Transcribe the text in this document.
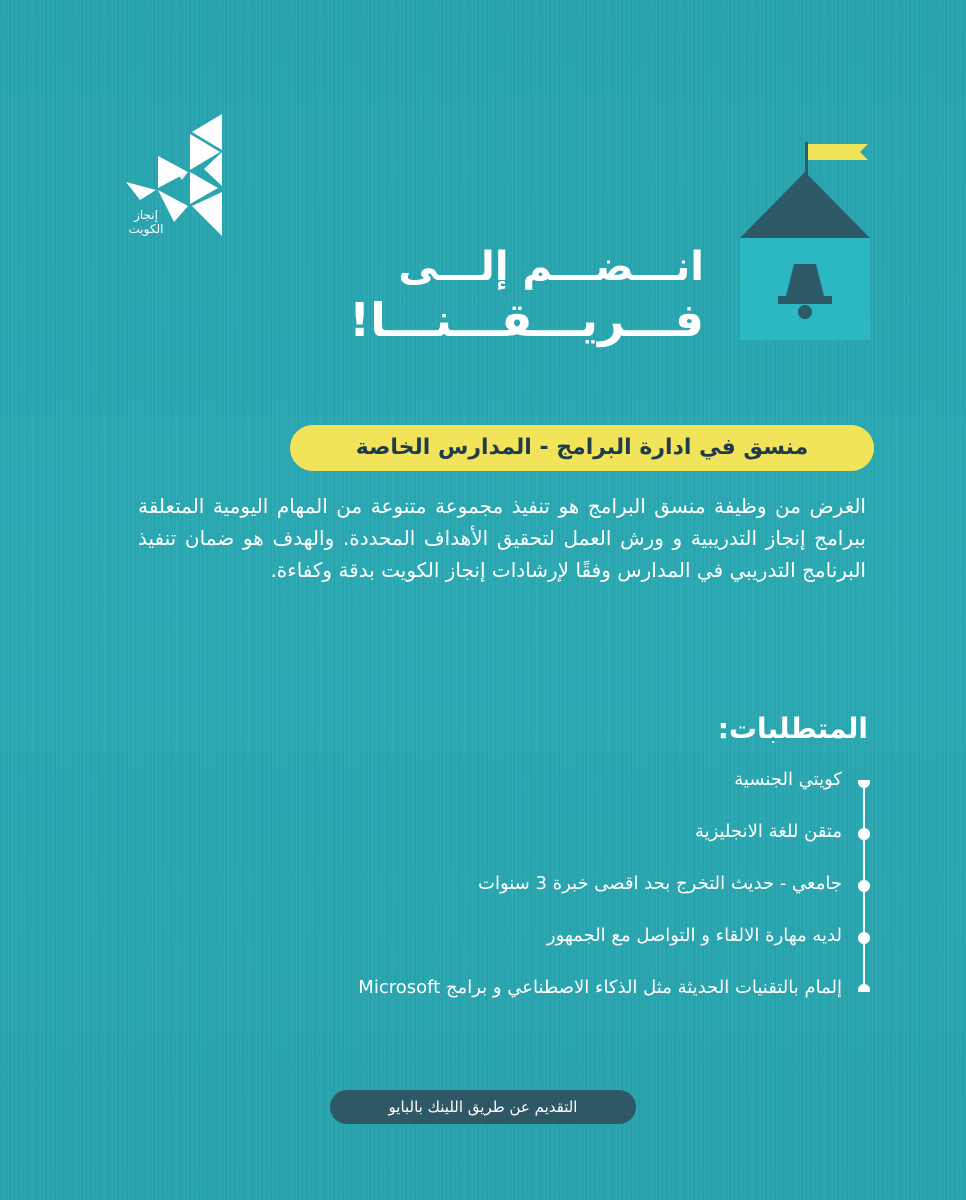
إنجاز
الكويت
انـــضـــم إلـــى
فـــريـــقـــنـــا!
منسق في ادارة البرامج - المدارس الخاصة
الغرض من وظيفة منسق البرامج هو تنفيذ مجموعة متنوعة من المهام اليومية المتعلقة ببرامج إنجاز التدريبية و ورش العمل لتحقيق الأهداف المحددة. والهدف هو ضمان تنفيذ البرنامج التدريبي في المدارس وفقًا لإرشادات إنجاز الكويت بدقة وكفاءة.
المتطلبات:
كويتي الجنسية
متقن للغة الانجليزية
جامعي - حديث التخرج بحد اقصى خبرة 3 سنوات
لديه مهارة الالقاء و التواصل مع الجمهور
إلمام بالتقنيات الحديثة مثل الذكاء الاصطناعي و برامج Microsoft
التقديم عن طريق اللينك بالبايو
